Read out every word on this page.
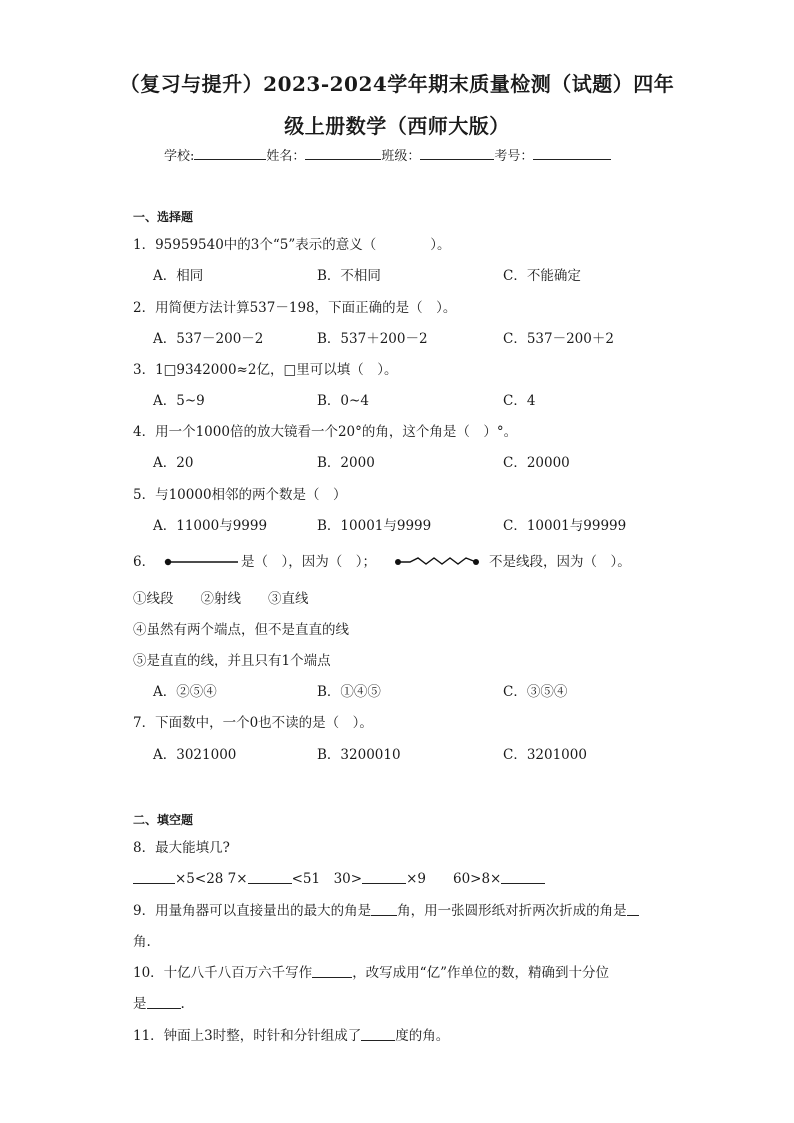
（复习与提升）2023-2024学年期末质量检测（试题）四年
级上册数学（西师大版）
学校:	姓名：	班级：	考号：
一、选择题
1．95959540中的3个“5”表示的意义（　　　　）。
A．相同	B．不相同	C．不能确定
2．用简便方法计算537－198，下面正确的是（　）。
A．537－200－2	B．537＋200－2	C．537－200＋2
3．1□9342000≈2亿，□里可以填（　）。
A．5~9	B．0~4	C．4
4．用一个1000倍的放大镜看一个20°的角，这个角是（　）°。
A．20	B．2000	C．20000
5．与10000相邻的两个数是（　）
A．11000与9999	B．10001与9999	C．10001与99999
6．	是（　），因为（　）；	不是线段，因为（　）。
①线段　　②射线　　③直线
④虽然有两个端点，但不是直直的线
⑤是直直的线，并且只有1个端点
A．②⑤④	B．①④⑤	C．③⑤④
7．下面数中，一个0也不读的是（　）。
A．3021000	B．3200010	C．3201000
二、填空题
8．最大能填几?
×5<28 7×	<51　30>	×9　　60>8×
9．用量角器可以直接量出的最大的角是 角，用一张圆形纸对折两次折成的角是
角.
10．十亿八千八百万六千写作	，改写成用“亿”作单位的数，精确到十分位
是	.
11．钟面上3时整，时针和分针组成了	度的角。
